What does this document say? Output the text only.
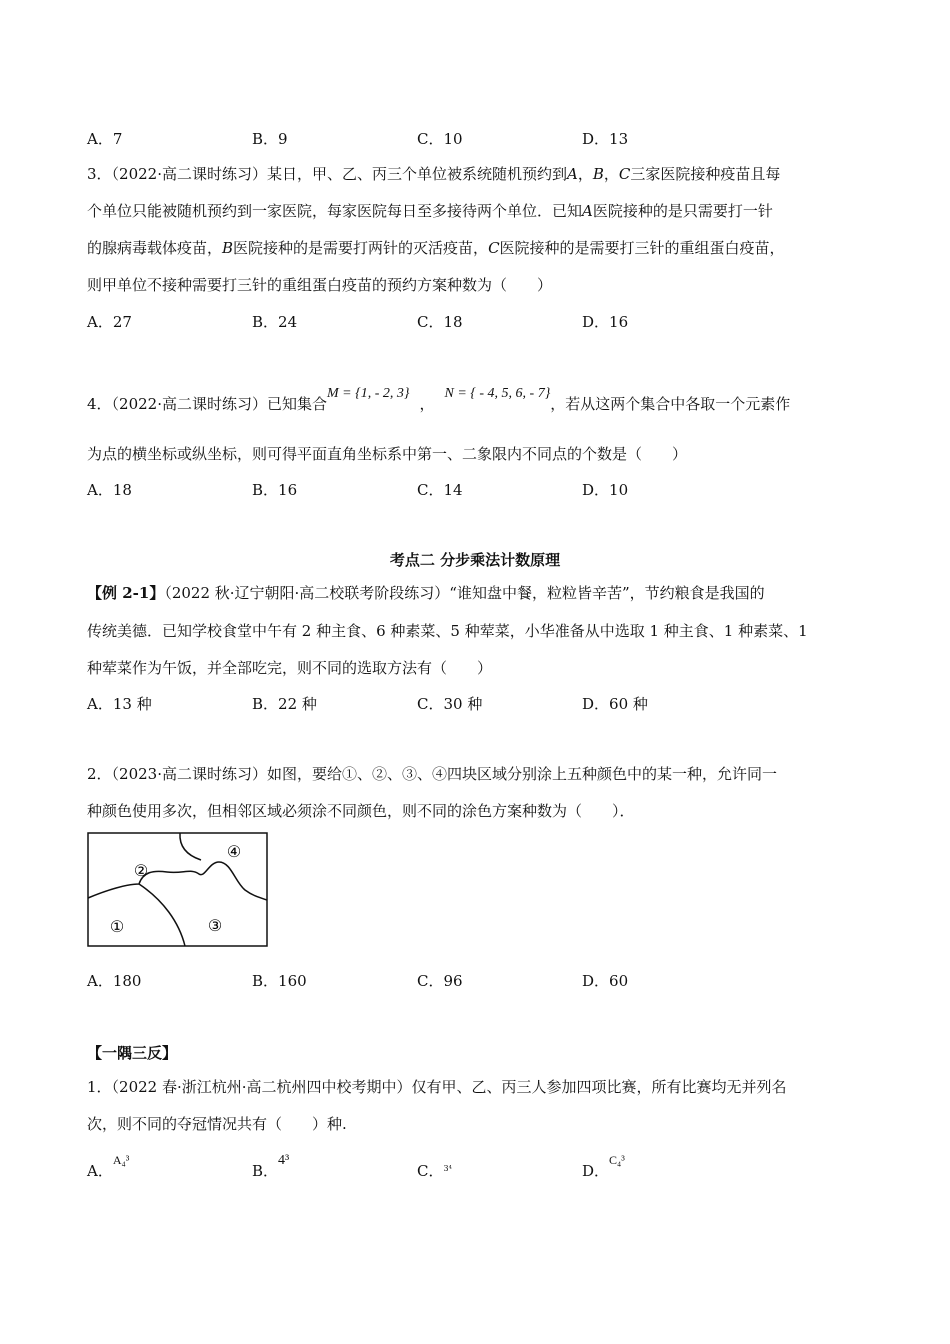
A．7	B．9	C．10	D．13
3．（2022·高二课时练习）某日，甲、乙、丙三个单位被系统随机预约到A，B，C三家医院接种疫苗且每
个单位只能被随机预约到一家医院，每家医院每日至多接待两个单位．已知A医院接种的是只需要打一针
的腺病毒载体疫苗，B医院接种的是需要打两针的灭活疫苗，C医院接种的是需要打三针的重组蛋白疫苗，
则甲单位不接种需要打三针的重组蛋白疫苗的预约方案种数为（　　）
A．27	B．24	C．18	D．16
4．（2022·高二课时练习）已知集合M = {1, - 2, 3}，N = { - 4, 5, 6, - 7}，若从这两个集合中各取一个元素作
为点的横坐标或纵坐标，则可得平面直角坐标系中第一、二象限内不同点的个数是（　　）
A．18	B．16	C．14	D．10
考点二 分步乘法计数原理
【例 2-1】（2022 秋·辽宁朝阳·高二校联考阶段练习）“谁知盘中餐，粒粒皆辛苦”，节约粮食是我国的
传统美德．已知学校食堂中午有 2 种主食、6 种素菜、5 种荤菜，小华准备从中选取 1 种主食、1 种素菜、1
种荤菜作为午饭，并全部吃完，则不同的选取方法有（　　）
A．13 种	B．22 种	C．30 种	D．60 种
2．（2023·高二课时练习）如图，要给①、②、③、④四块区域分别涂上五种颜色中的某一种，允许同一
种颜色使用多次，但相邻区域必须涂不同颜色，则不同的涂色方案种数为（　　）．
①
②
③
④
A．180	B．160	C．96	D．60
【一隅三反】
1．（2022 春·浙江杭州·高二杭州四中校考期中）仅有甲、乙、丙三人参加四项比赛，所有比赛均无并列名
次，则不同的夺冠情况共有（　　）种.
A．$^{A_4^3}$
B．4³
C．$^{3^4}$	D．$^{C_4^3}$
